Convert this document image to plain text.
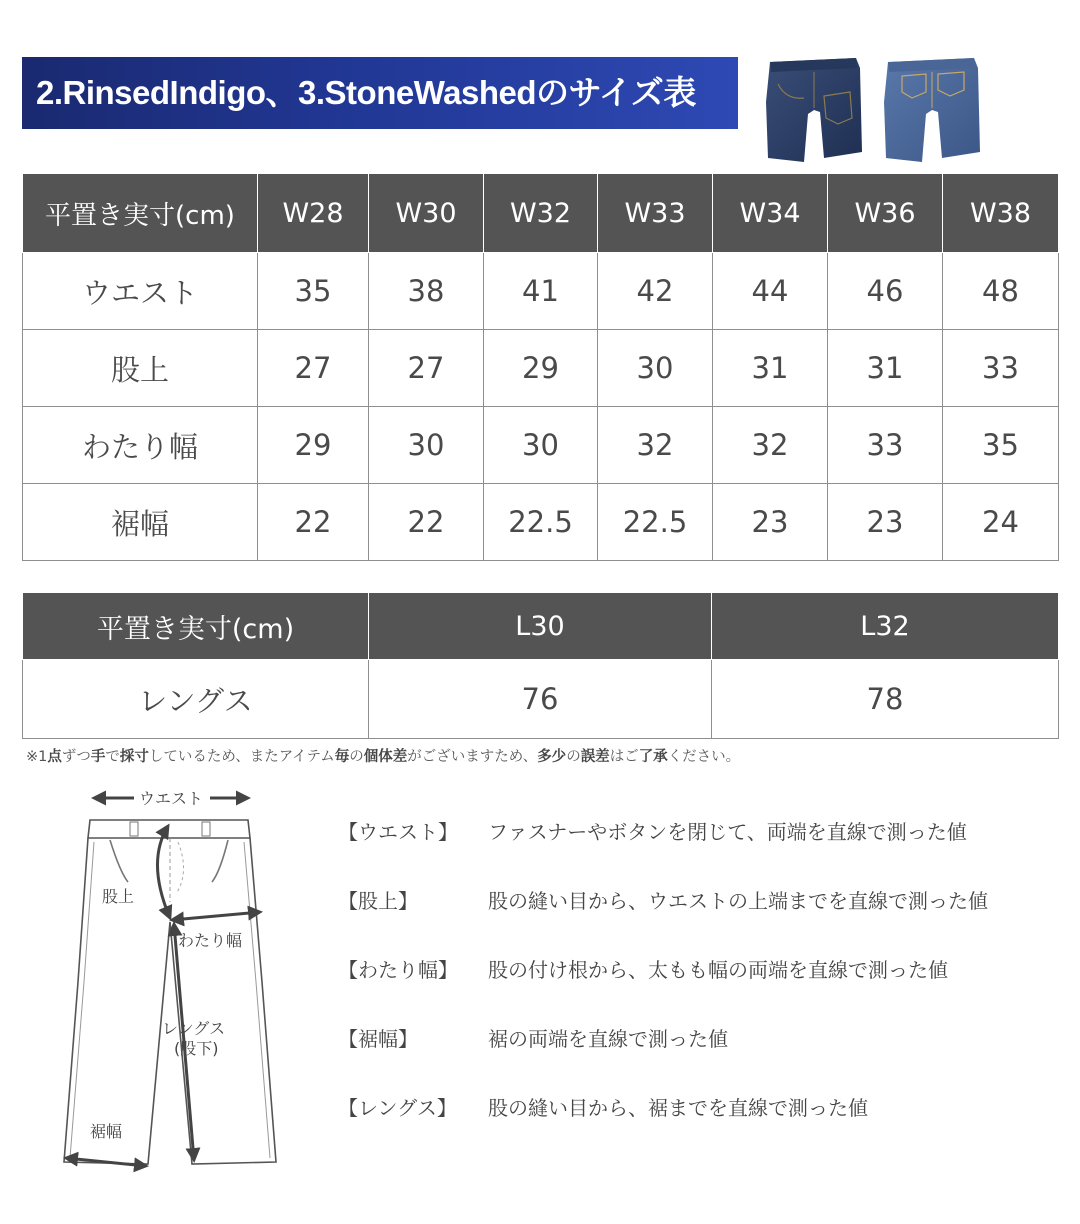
2.RinsedIndigo、3.StoneWashedのサイズ表
平置き実寸(cm)	W28	W30	W32	W33	W34	W36	W38
ウエスト	35	38	41	42	44	46	48
股上	27	27	29	30	31	31	33
わたり幅	29	30	30	32	32	33	35
裾幅	22	22	22.5	22.5	23	23	24
平置き実寸(cm)	L30	L32
レングス	76	78
※1点ずつ手で採寸しているため、またアイテム毎の個体差がございますため、多少の誤差はご了承ください。
ウエスト
股上
わたり幅
レングス
(股下)
裾幅
【ウエスト】 ファスナーやボタンを閉じて、両端を直線で測った値
【股上】	股の縫い目から、ウエストの上端までを直線で測った値
【わたり幅】 股の付け根から、太もも幅の両端を直線で測った値
【裾幅】	裾の両端を直線で測った値
【レングス】 股の縫い目から、裾までを直線で測った値
